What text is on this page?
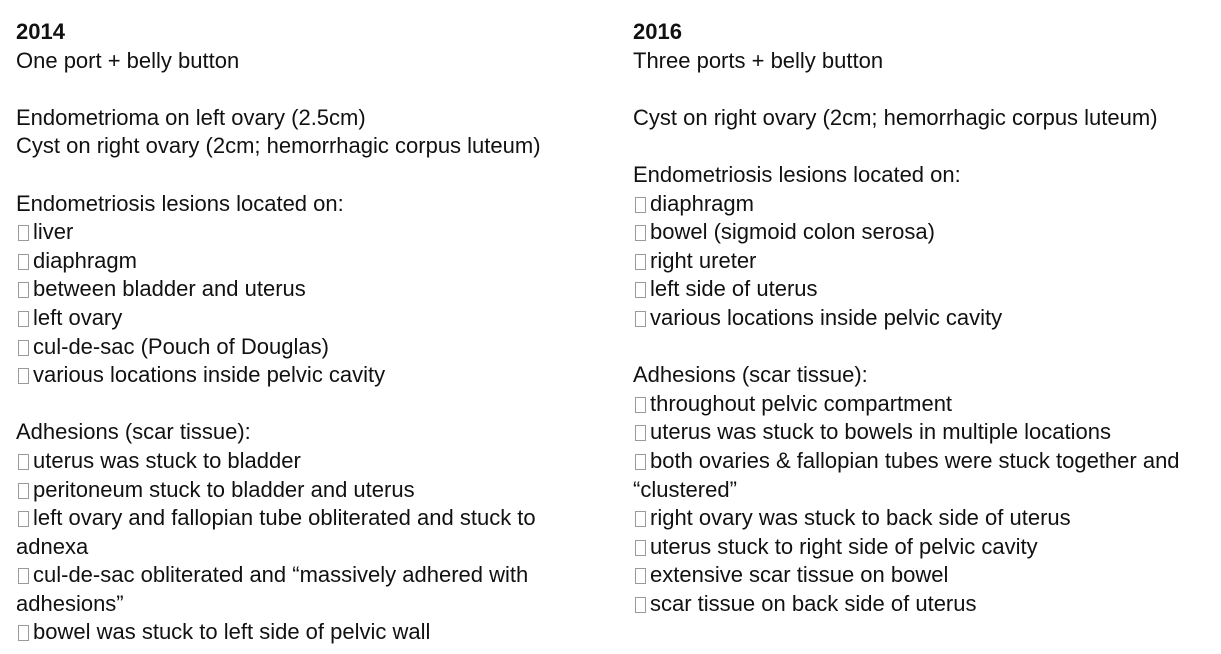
2014

One port + belly button

Endometrioma on left ovary (2.5cm)

Cyst on right ovary (2cm; hemorrhagic corpus luteum)

Endometriosis lesions located on:

liver

diaphragm

between bladder and uterus

left ovary

cul-de-sac (Pouch of Douglas)

various locations inside pelvic cavity

Adhesions (scar tissue):

uterus was stuck to bladder

peritoneum stuck to bladder and uterus

left ovary and fallopian tube obliterated and stuck to adnexa

cul-de-sac obliterated and “massively adhered with adhesions”

bowel was stuck to left side of pelvic wall

2016

Three ports + belly button

Cyst on right ovary (2cm; hemorrhagic corpus luteum)

Endometriosis lesions located on:

diaphragm

bowel (sigmoid colon serosa)

right ureter

left side of uterus

various locations inside pelvic cavity

Adhesions (scar tissue):

throughout pelvic compartment

uterus was stuck to bowels in multiple locations

both ovaries & fallopian tubes were stuck together and “clustered”

right ovary was stuck to back side of uterus

uterus stuck to right side of pelvic cavity

extensive scar tissue on bowel

scar tissue on back side of uterus
